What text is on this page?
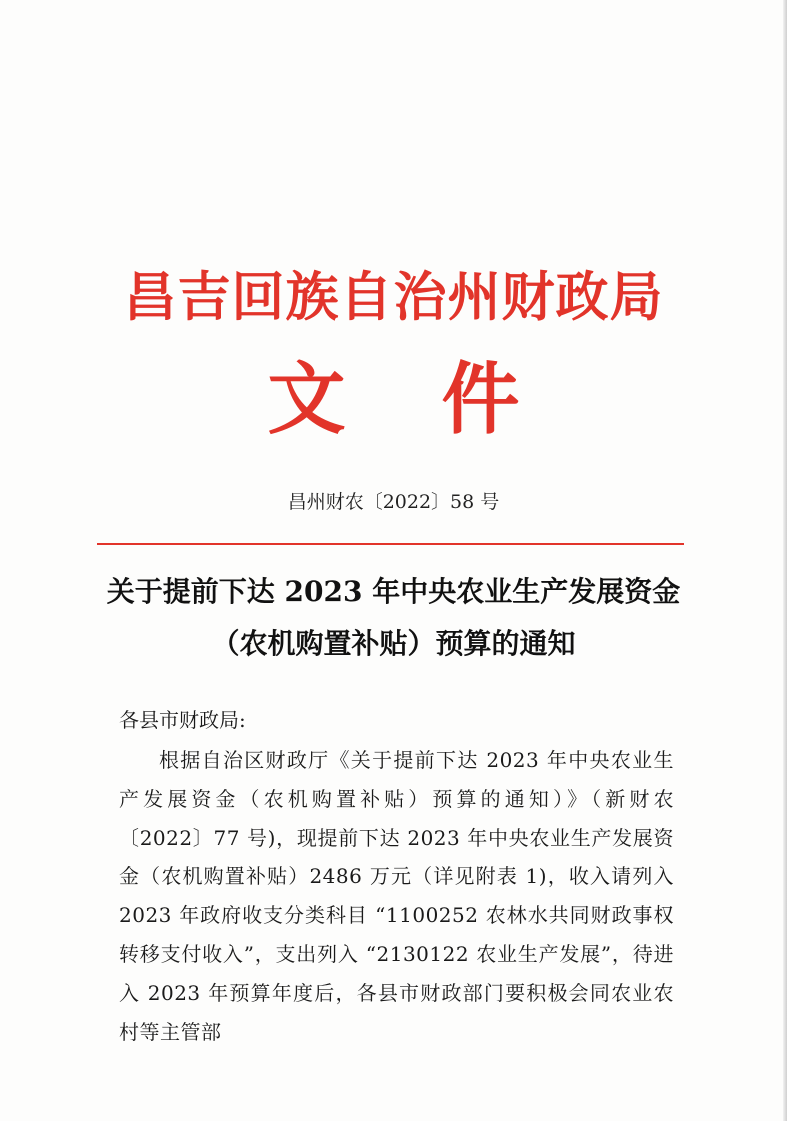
昌吉回族自治州财政局
文件
昌州财农〔2022〕58 号
关于提前下达 2023 年中央农业生产发展资金（农机购置补贴）预算的通知
各县市财政局:
根据自治区财政厅《关于提前下达 2023 年中央农业生产发展资金（农机购置补贴）预算的通知）》（新财农〔2022〕77 号)，现提前下达 2023 年中央农业生产发展资金（农机购置补贴）2486 万元（详见附表 1)，收入请列入 2023 年政府收支分类科目 “1100252 农林水共同财政事权转移支付收入”，支出列入 “2130122 农业生产发展”，待进入 2023 年预算年度后，各县市财政部门要积极会同农业农村等主管部
